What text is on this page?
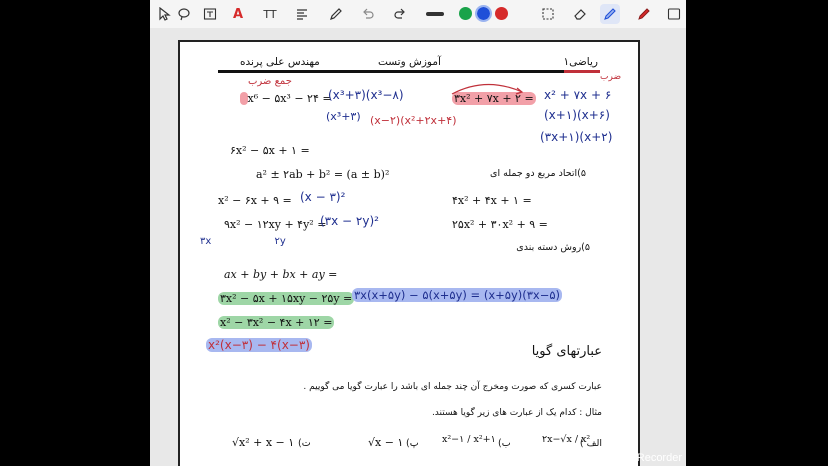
A	TT
ریاضی۱
آموزش وتست
مهندس علی پرنده
جمع ضرب
x⁶ − ۵x³ − ۲۴ =
(x³+۳)(x³−۸)
(x³+۳) (x−۲)(x²+۲x+۴)
۳x² + ۷x + ۲ =
ضرب
x² + ۷x + ۶
(x+۱)(x+۶)
(۳x+۱)(x+۲)
۶x² − ۵x + ۱ =
a² ± ۲ab + b² = (a ± b)²
x² − ۶x + ۹ = (x − ۳)²
۹x² − ۱۲xy + ۴y² =
(۳x − ۲y)²
۳x ۲y
۵)اتحاد مربع دو جمله ای
۴x² + ۴x + ۱ =
۲۵x² + ۳۰x² + ۹ =
۵)روش دسته بندی
ax + by + bx + ay =
۳x² − ۵x + ۱۵xy − ۲۵y = ۳x(x+۵y) − ۵(x+۵y) = (x+۵y)(۳x−۵)
x² − ۳x² − ۴x + ۱۲ =
x²(x−۳) − ۴(x−۳)	عبارتهای گویا
عبارت کسری که صورت ومخرج آن چند جمله ای باشد را عبارت گویا می گوییم .
مثال : کدام یک از عبارت های زیر گویا هستند.
الف )
۲x−√x / x²
ب)
x²−۱ / x²+۱
پ)
√x − ۱
ت)
√x² + x − ۱
Az Recorder
